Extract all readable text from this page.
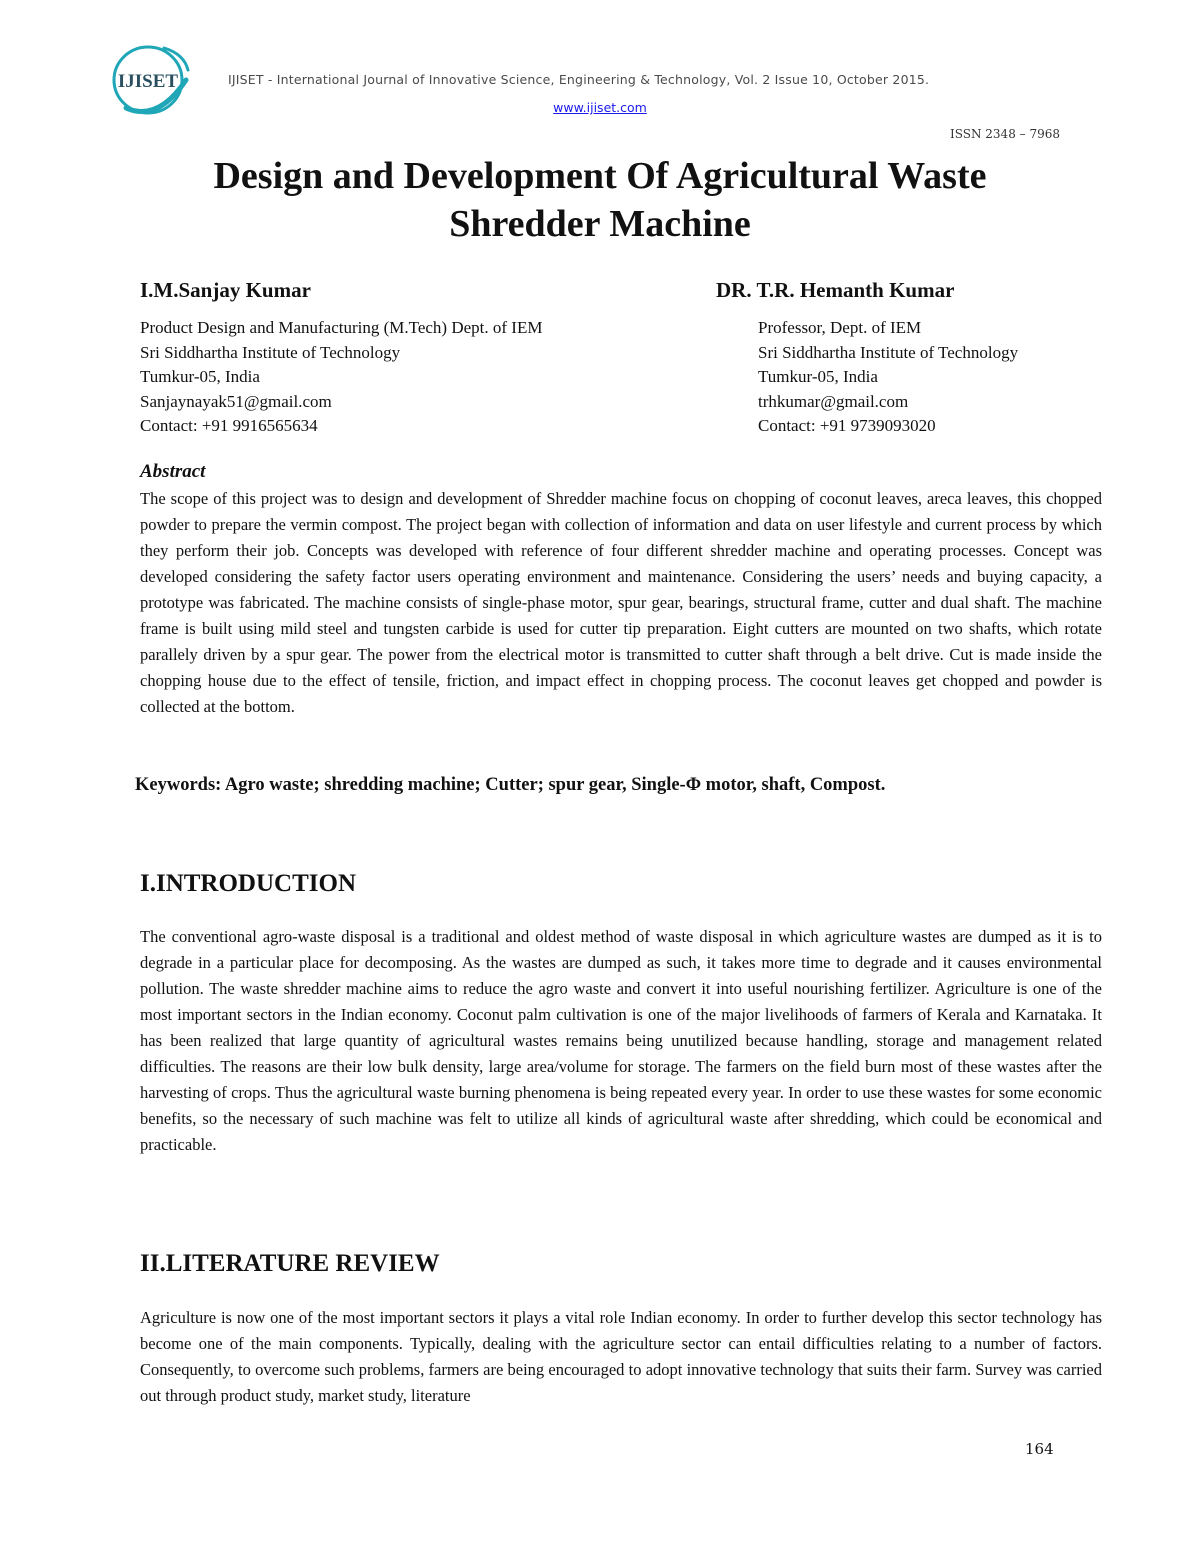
IJISET	IJISET - International Journal of Innovative Science, Engineering & Technology, Vol. 2 Issue 10, October 2015.
www.ijiset.com
ISSN 2348 – 7968
Design and Development Of Agricultural Waste
Shredder Machine
I.M.Sanjay Kumar	DR. T.R. Hemanth Kumar
Product Design and Manufacturing (M.Tech) Dept. of IEM
Sri Siddhartha Institute of Technology
Tumkur-05, India
Sanjaynayak51@gmail.com
Contact: +91 9916565634
Professor, Dept. of IEM
Sri Siddhartha Institute of Technology
Tumkur-05, India
trhkumar@gmail.com
Contact: +91 9739093020
Abstract
The scope of this project was to design and development of Shredder machine focus on chopping of coconut leaves, areca leaves, this chopped powder to prepare the vermin compost. The project began with collection of information and data on user lifestyle and current process by which they perform their job. Concepts was developed with reference of four different shredder machine and operating processes. Concept was developed considering the safety factor users operating environment and maintenance. Considering the users’ needs and buying capacity, a prototype was fabricated. The machine consists of single-phase motor, spur gear, bearings, structural frame, cutter and dual shaft. The machine frame is built using mild steel and tungsten carbide is used for cutter tip preparation. Eight cutters are mounted on two shafts, which rotate parallely driven by a spur gear. The power from the electrical motor is transmitted to cutter shaft through a belt drive. Cut is made inside the chopping house due to the effect of tensile, friction, and impact effect in chopping process. The coconut leaves get chopped and powder is collected at the bottom.
Keywords: Agro waste; shredding machine; Cutter; spur gear, Single-Φ motor, shaft, Compost.
I.INTRODUCTION
The conventional agro-waste disposal is a traditional and oldest method of waste disposal in which agriculture wastes are dumped as it is to degrade in a particular place for decomposing. As the wastes are dumped as such, it takes more time to degrade and it causes environmental pollution. The waste shredder machine aims to reduce the agro waste and convert it into useful nourishing fertilizer. Agriculture is one of the most important sectors in the Indian economy. Coconut palm cultivation is one of the major livelihoods of farmers of Kerala and Karnataka. It has been realized that large quantity of agricultural wastes remains being unutilized because handling, storage and management related difficulties. The reasons are their low bulk density, large area/volume for storage. The farmers on the field burn most of these wastes after the harvesting of crops. Thus the agricultural waste burning phenomena is being repeated every year. In order to use these wastes for some economic benefits, so the necessary of such machine was felt to utilize all kinds of agricultural waste after shredding, which could be economical and practicable.
II.LITERATURE REVIEW
Agriculture is now one of the most important sectors it plays a vital role Indian economy. In order to further develop this sector technology has become one of the main components. Typically, dealing with the agriculture sector can entail difficulties relating to a number of factors. Consequently, to overcome such problems, farmers are being encouraged to adopt innovative technology that suits their farm. Survey was carried out through product study, market study, literature
164
